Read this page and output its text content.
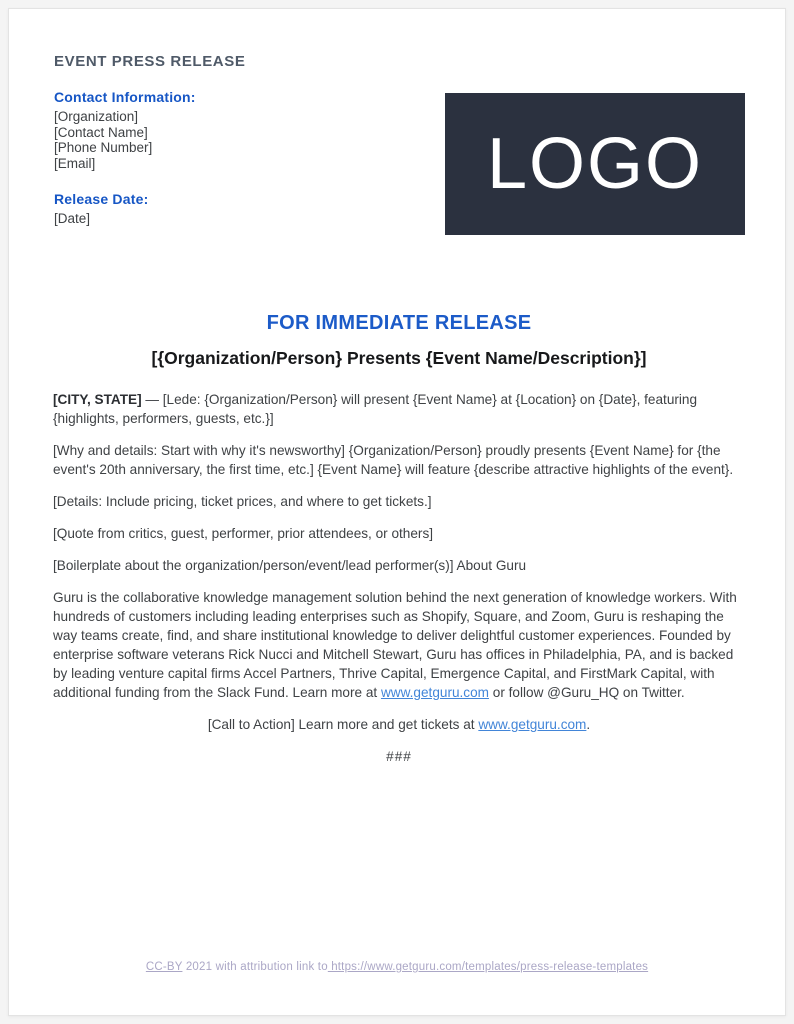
EVENT PRESS RELEASE
Contact Information:
[Organization]
[Contact Name]
[Phone Number]
[Email]
Release Date:
[Date]
LOGO
FOR IMMEDIATE RELEASE
[{Organization/Person} Presents {Event Name/Description}]

[CITY, STATE] — [Lede: {Organization/Person} will present {Event Name} at {Location} on {Date}, featuring {highlights, performers, guests, etc.}]

[Why and details: Start with why it's newsworthy] {Organization/Person} proudly presents {Event Name} for {the event's 20th anniversary, the first time, etc.] {Event Name} will feature {describe attractive highlights of the event}.

[Details: Include pricing, ticket prices, and where to get tickets.]

[Quote from critics, guest, performer, prior attendees, or others]

[Boilerplate about the organization/person/event/lead performer(s)] About Guru

Guru is the collaborative knowledge management solution behind the next generation of knowledge workers. With hundreds of customers including leading enterprises such as Shopify, Square, and Zoom, Guru is reshaping the way teams create, find, and share institutional knowledge to deliver delightful customer experiences. Founded by enterprise software veterans Rick Nucci and Mitchell Stewart, Guru has offices in Philadelphia, PA, and is backed by leading venture capital firms Accel Partners, Thrive Capital, Emergence Capital, and FirstMark Capital, with additional funding from the Slack Fund. Learn more at www.getguru.com or follow @Guru_HQ on Twitter.

[Call to Action] Learn more and get tickets at www.getguru.com.

###

CC-BY 2021 with attribution link to https://www.getguru.com/templates/press-release-templates
